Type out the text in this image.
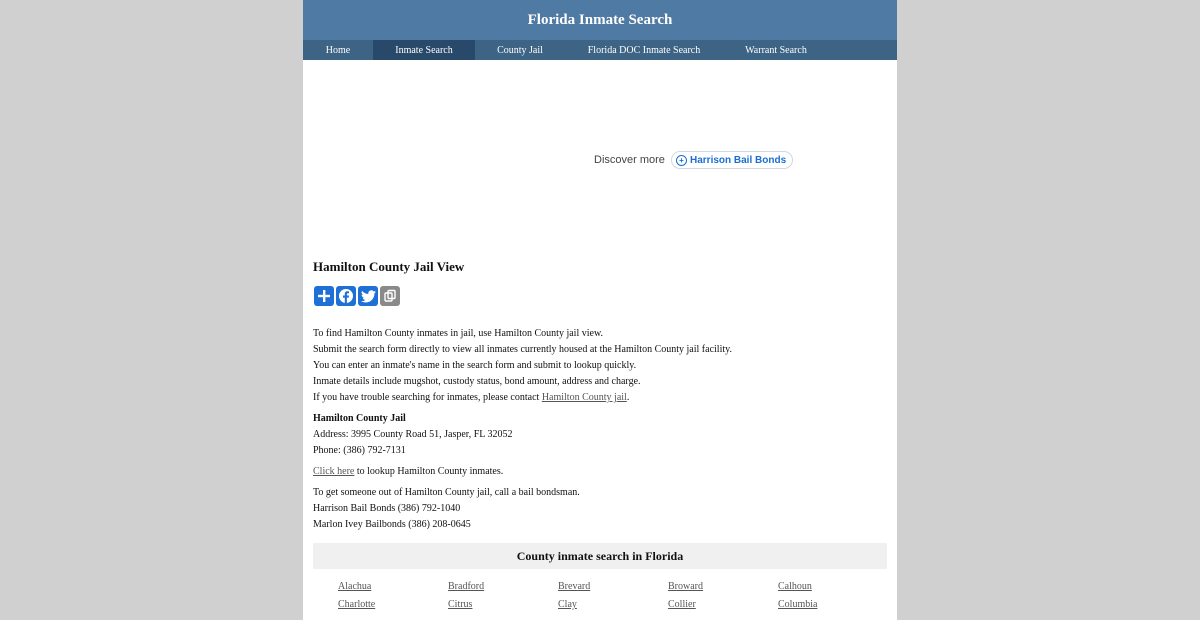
Florida Inmate Search
Home	Inmate Search	County Jail	Florida DOC Inmate Search	Warrant Search
Discover more	+ Harrison Bail Bonds
Hamilton County Jail View

To find Hamilton County inmates in jail, use Hamilton County jail view.

Submit the search form directly to view all inmates currently housed at the Hamilton County jail facility.

You can enter an inmate's name in the search form and submit to lookup quickly.

Inmate details include mugshot, custody status, bond amount, address and charge.

If you have trouble searching for inmates, please contact Hamilton County jail.

Hamilton County Jail

Address: 3995 County Road 51, Jasper, FL 32052

Phone: (386) 792-7131

Click here to lookup Hamilton County inmates.

To get someone out of Hamilton County jail, call a bail bondsman.

Harrison Bail Bonds (386) 792-1040

Marlon Ivey Bailbonds (386) 208-0645

County inmate search in Florida
Alachua	Bradford	Brevard	Broward	Calhoun
Charlotte	Citrus	Clay	Collier	Columbia
